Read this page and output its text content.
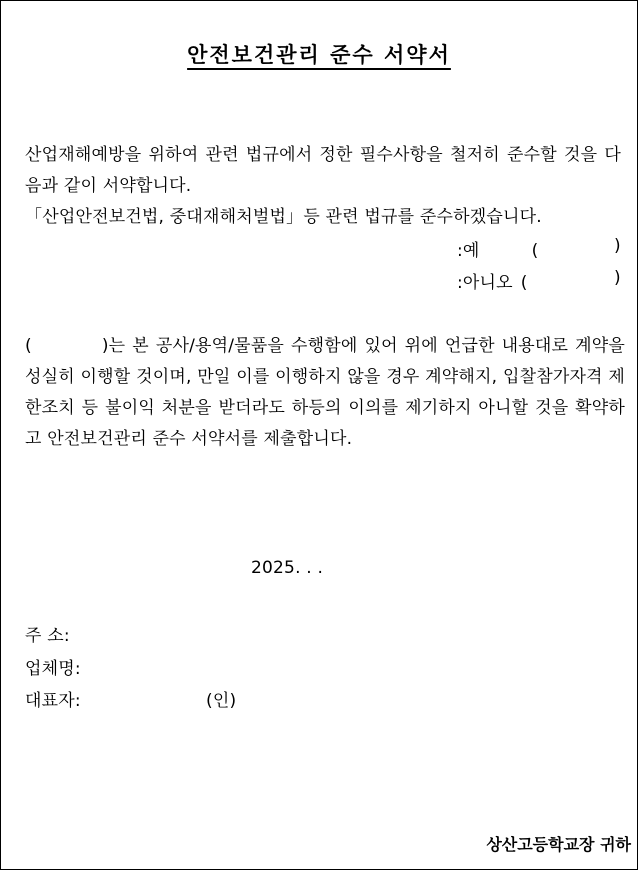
안전보건관리 준수 서약서
산업재해예방을 위하여 관련 법규에서 정한 필수사항을 철저히 준수할 것을 다음과 같이 서약합니다.
「산업안전보건법, 중대재해처벌법」등 관련 법규를 준수하겠습니다.
:예	(	)
:아니오 (	)
(	)는 본 공사/용역/물품을 수행함에 있어 위에 언급한 내용대로 계약을 성실히 이행할 것이며, 만일 이를 이행하지 않을 경우 계약해지, 입찰참가자격 제한조치 등 불이익 처분을 받더라도 하등의 이의를 제기하지 아니할 것을 확약하고 안전보건관리 준수 서약서를 제출합니다.
2025. . .
주 소:
업체명:
대표자:	(인)
상산고등학교장 귀하
